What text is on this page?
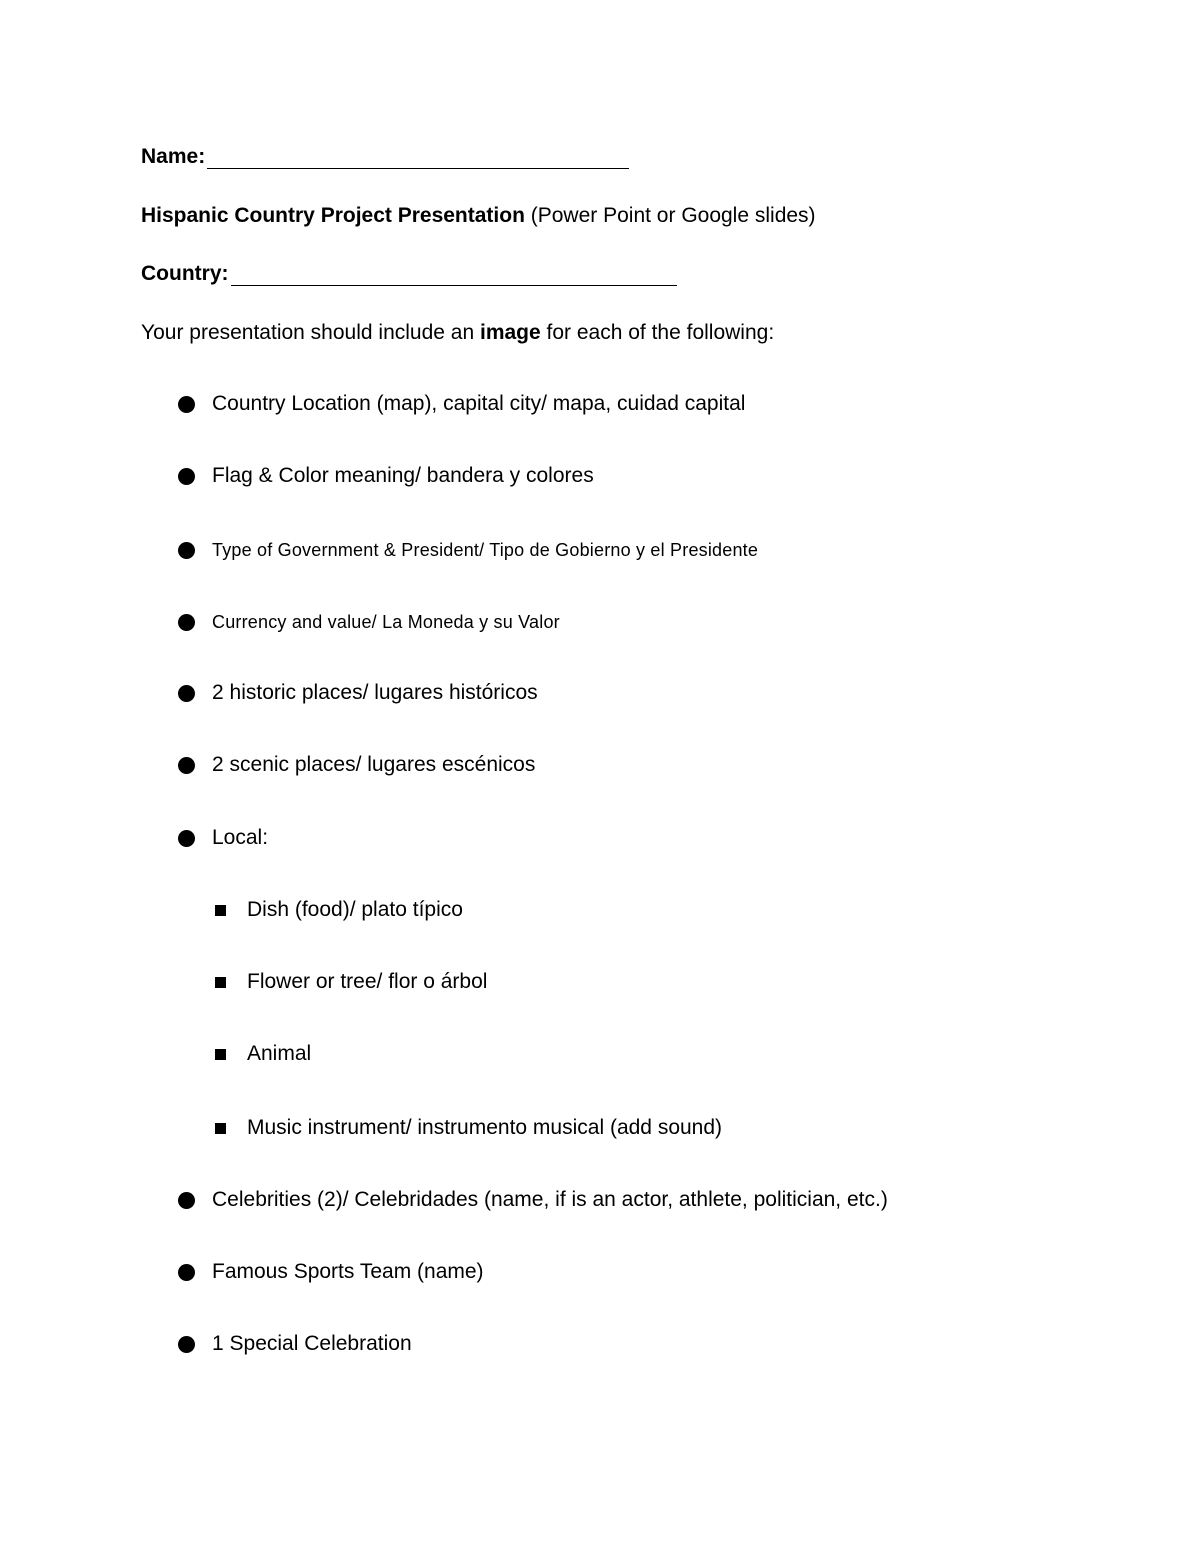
Name:
Hispanic Country Project Presentation (Power Point or Google slides)
Country:
Your presentation should include an image for each of the following:
Country Location (map), capital city/ mapa, cuidad capital
Flag & Color meaning/ bandera y colores
Type of Government & President/ Tipo de Gobierno y el Presidente
Currency and value/ La Moneda y su Valor
2 historic places/ lugares históricos
2 scenic places/ lugares escénicos
Local:
Dish (food)/ plato típico
Flower or tree/ flor o árbol
Animal
Music instrument/ instrumento musical (add sound)
Celebrities (2)/ Celebridades (name, if is an actor, athlete, politician, etc.)
Famous Sports Team (name)
1 Special Celebration
